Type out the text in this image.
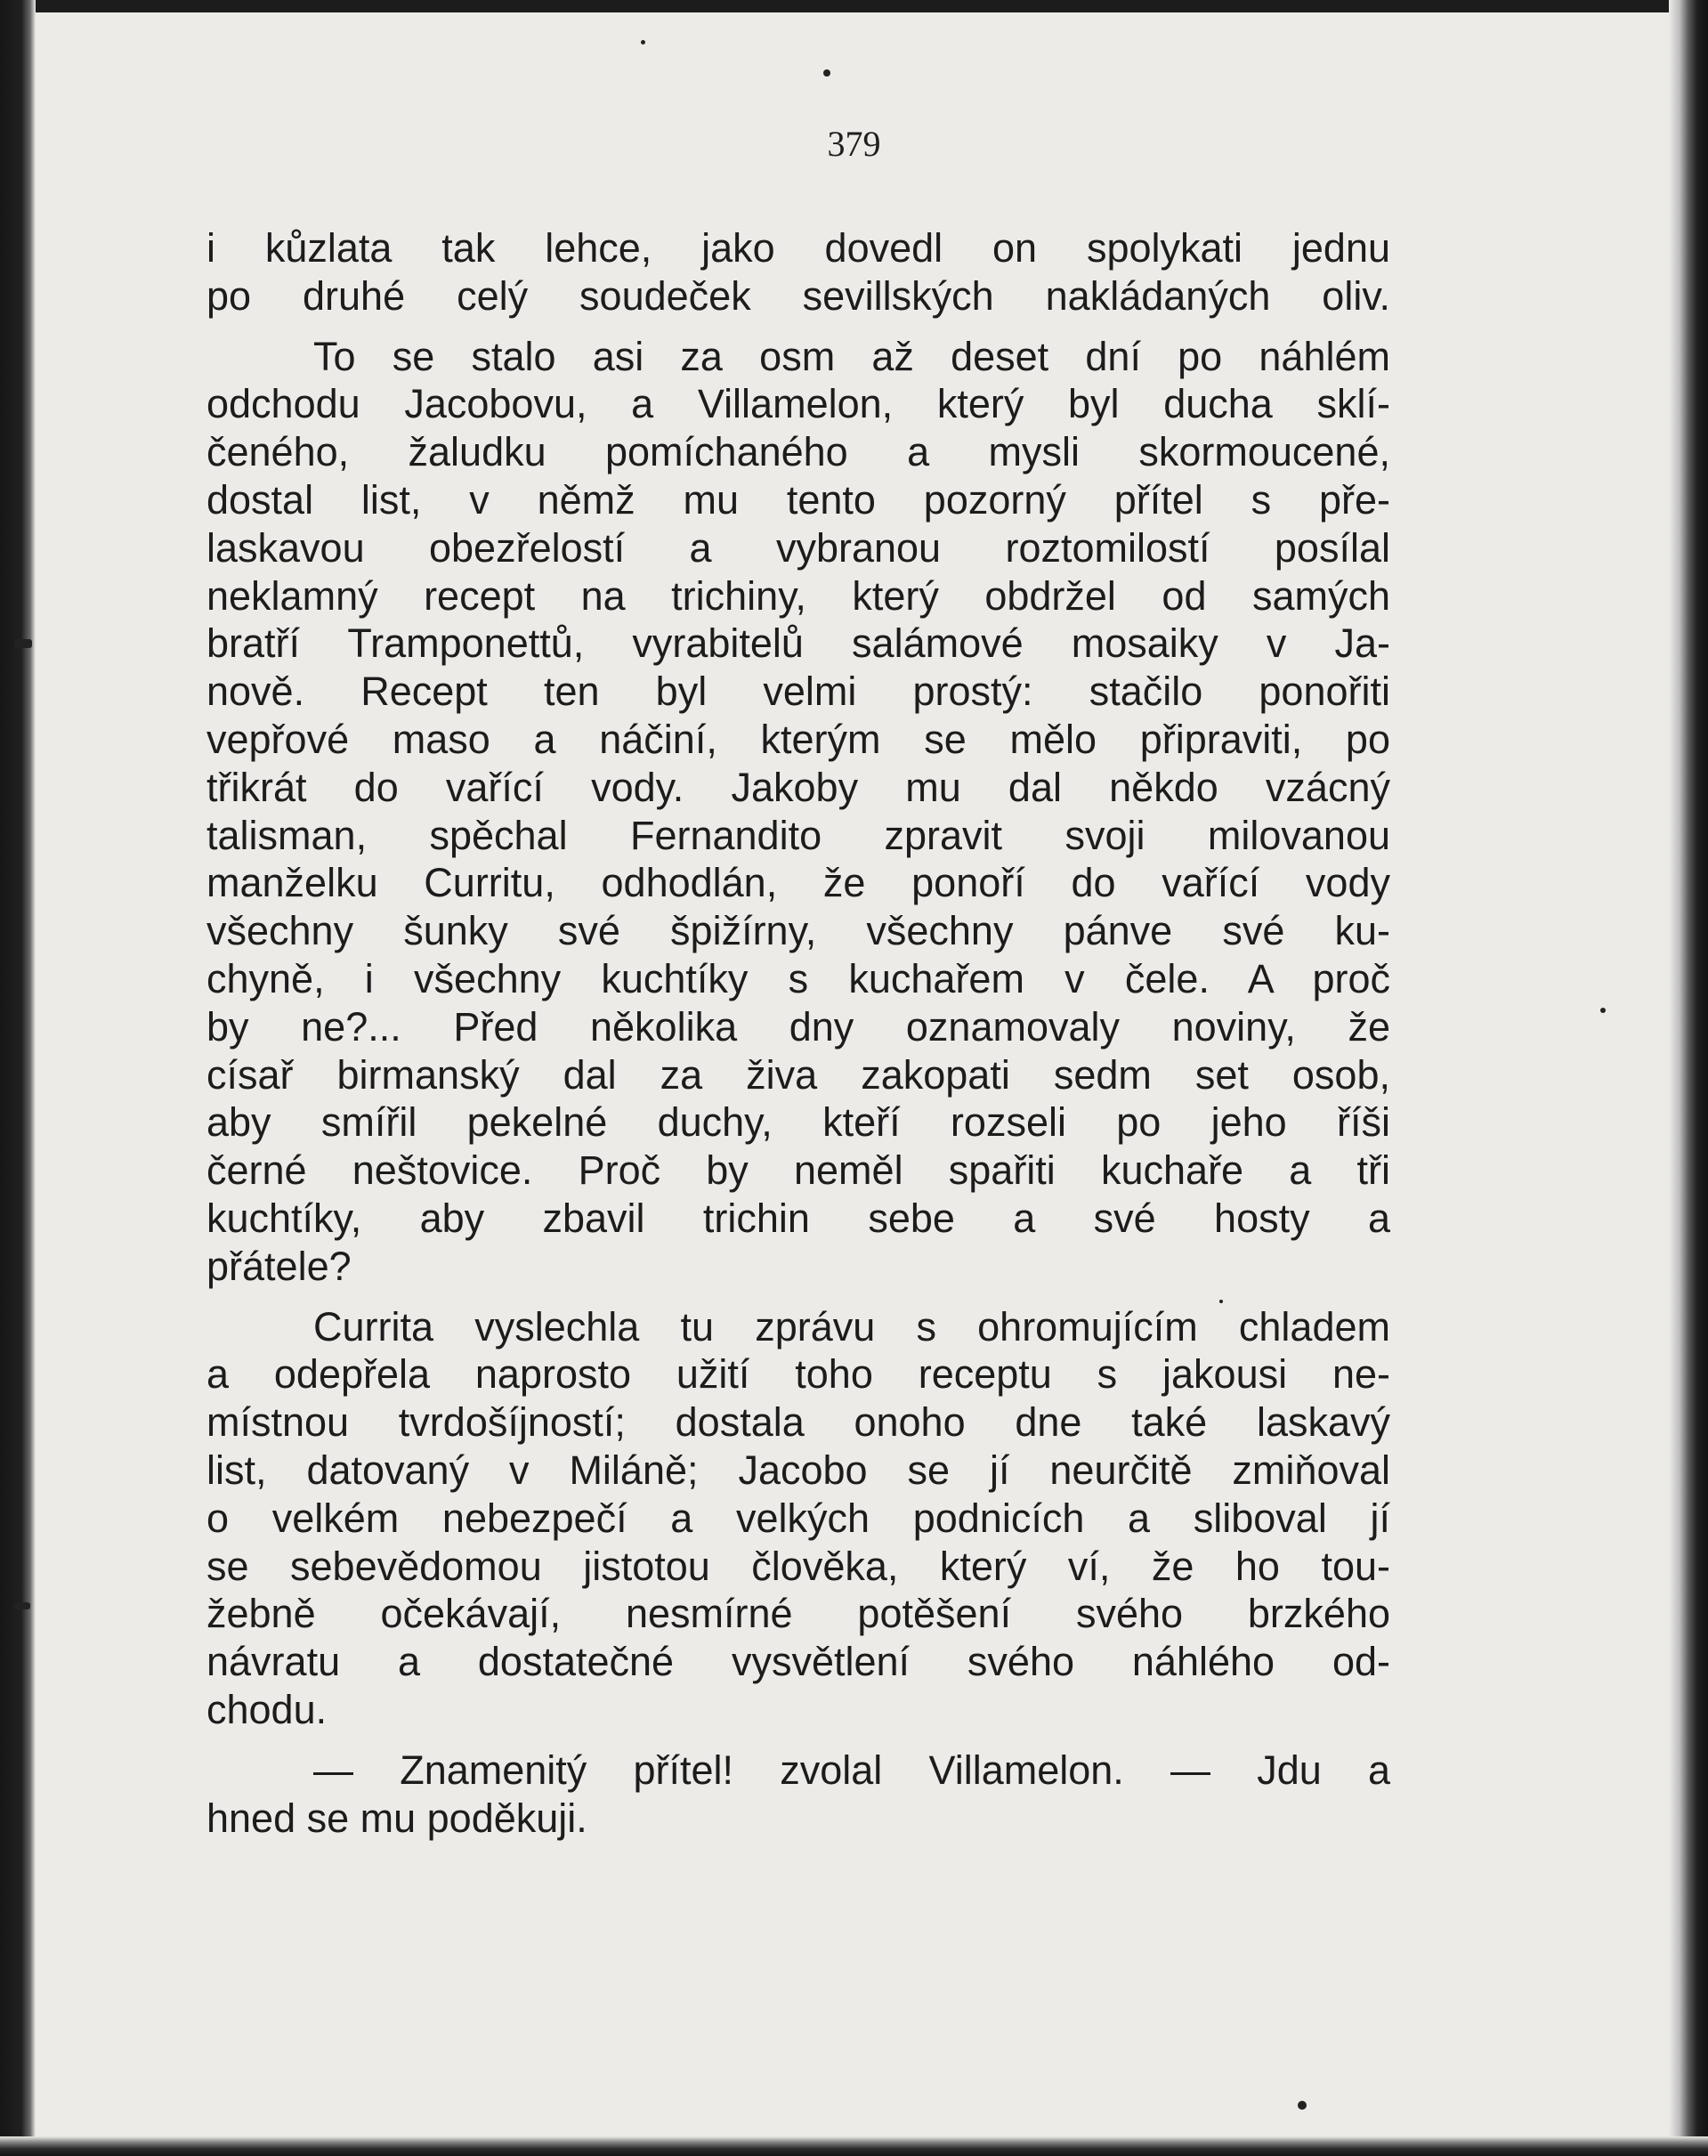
379
i kůzlata tak lehce, jako dovedl on spolykati jednu
po druhé celý soudeček sevillských nakládaných oliv.
To se stalo asi za osm až deset dní po náhlém
odchodu Jacobovu, a Villamelon, který byl ducha sklí-
čeného, žaludku pomíchaného a mysli skormoucené,
dostal list, v němž mu tento pozorný přítel s pře-
laskavou obezřelostí a vybranou roztomilostí posílal
neklamný recept na trichiny, který obdržel od samých
bratří Tramponettů, vyrabitelů salámové mosaiky v Ja-
nově. Recept ten byl velmi prostý: stačilo ponořiti
vepřové maso a náčiní, kterým se mělo připraviti, po
třikrát do vařící vody. Jakoby mu dal někdo vzácný
talisman, spěchal Fernandito zpravit svoji milovanou
manželku Curritu, odhodlán, že ponoří do vařící vody
všechny šunky své špižírny, všechny pánve své ku-
chyně, i všechny kuchtíky s kuchařem v čele. A proč
by ne?... Před několika dny oznamovaly noviny, že
císař birmanský dal za živa zakopati sedm set osob,
aby smířil pekelné duchy, kteří rozseli po jeho říši
černé neštovice. Proč by neměl spařiti kuchaře a tři
kuchtíky, aby zbavil trichin sebe a své hosty a
přátele?
Currita vyslechla tu zprávu s ohromujícím chladem
a odepřela naprosto užití toho receptu s jakousi ne-
místnou tvrdošíjností; dostala onoho dne také laskavý
list, datovaný v Miláně; Jacobo se jí neurčitě zmiňoval
o velkém nebezpečí a velkých podnicích a sliboval jí
se sebevědomou jistotou člověka, který ví, že ho tou-
žebně očekávají, nesmírné potěšení svého brzkého
návratu a dostatečné vysvětlení svého náhlého od-
chodu.
— Znamenitý přítel! zvolal Villamelon. — Jdu a
hned se mu poděkuji.
